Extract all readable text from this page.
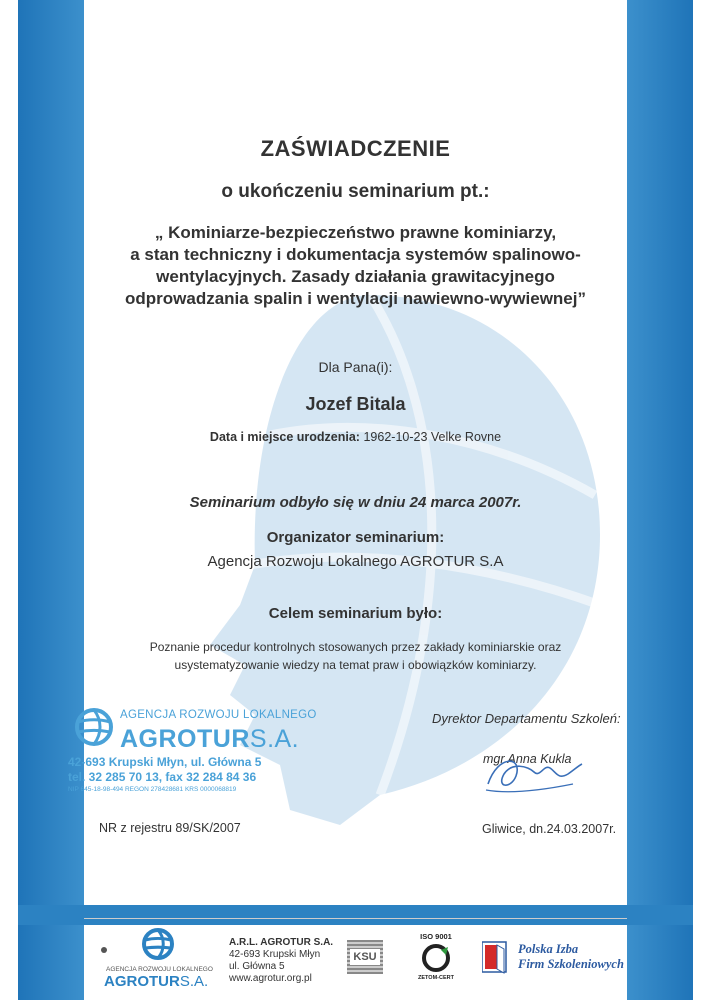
ZAŚWIADCZENIE
o ukończeniu seminarium pt.:
„ Kominiarze-bezpieczeństwo prawne kominiarzy,
a stan techniczny i dokumentacja systemów spalinowo-
wentylacyjnych. Zasady działania grawitacyjnego
odprowadzania spalin i wentylacji nawiewno-wywiewnej”
Dla Pana(i):
Jozef Bitala
Data i miejsce urodzenia: 1962-10-23 Velke Rovne
Seminarium odbyło się w dniu 24 marca 2007r.
Organizator seminarium:
Agencja Rozwoju Lokalnego AGROTUR S.A
Celem seminarium było:
Poznanie procedur kontrolnych stosowanych przez zakłady kominiarskie oraz
usystematyzowanie wiedzy na temat praw i obowiązków kominiarzy.
AGENCJA ROZWOJU LOKALNEGO
AGROTURS.A.
42-693 Krupski Młyn, ul. Główna 5
tel. 32 285 70 13, fax 32 284 84 36
NIP 645-18-98-494 REGON 278428681 KRS 0000068819
Dyrektor Departamentu Szkoleń:
mgr Anna Kukla
NR z rejestru 89/SK/2007	Gliwice, dn.24.03.2007r.
AGENCJA ROZWOJU LOKALNEGO
AGROTURS.A.
A.R.L. AGROTUR S.A.
42-693 Krupski Młyn
ul. Główna 5
www.agrotur.org.pl
KSU
ISO 9001
ZETOM-CERT
Polska Izba
Firm Szkoleniowych
